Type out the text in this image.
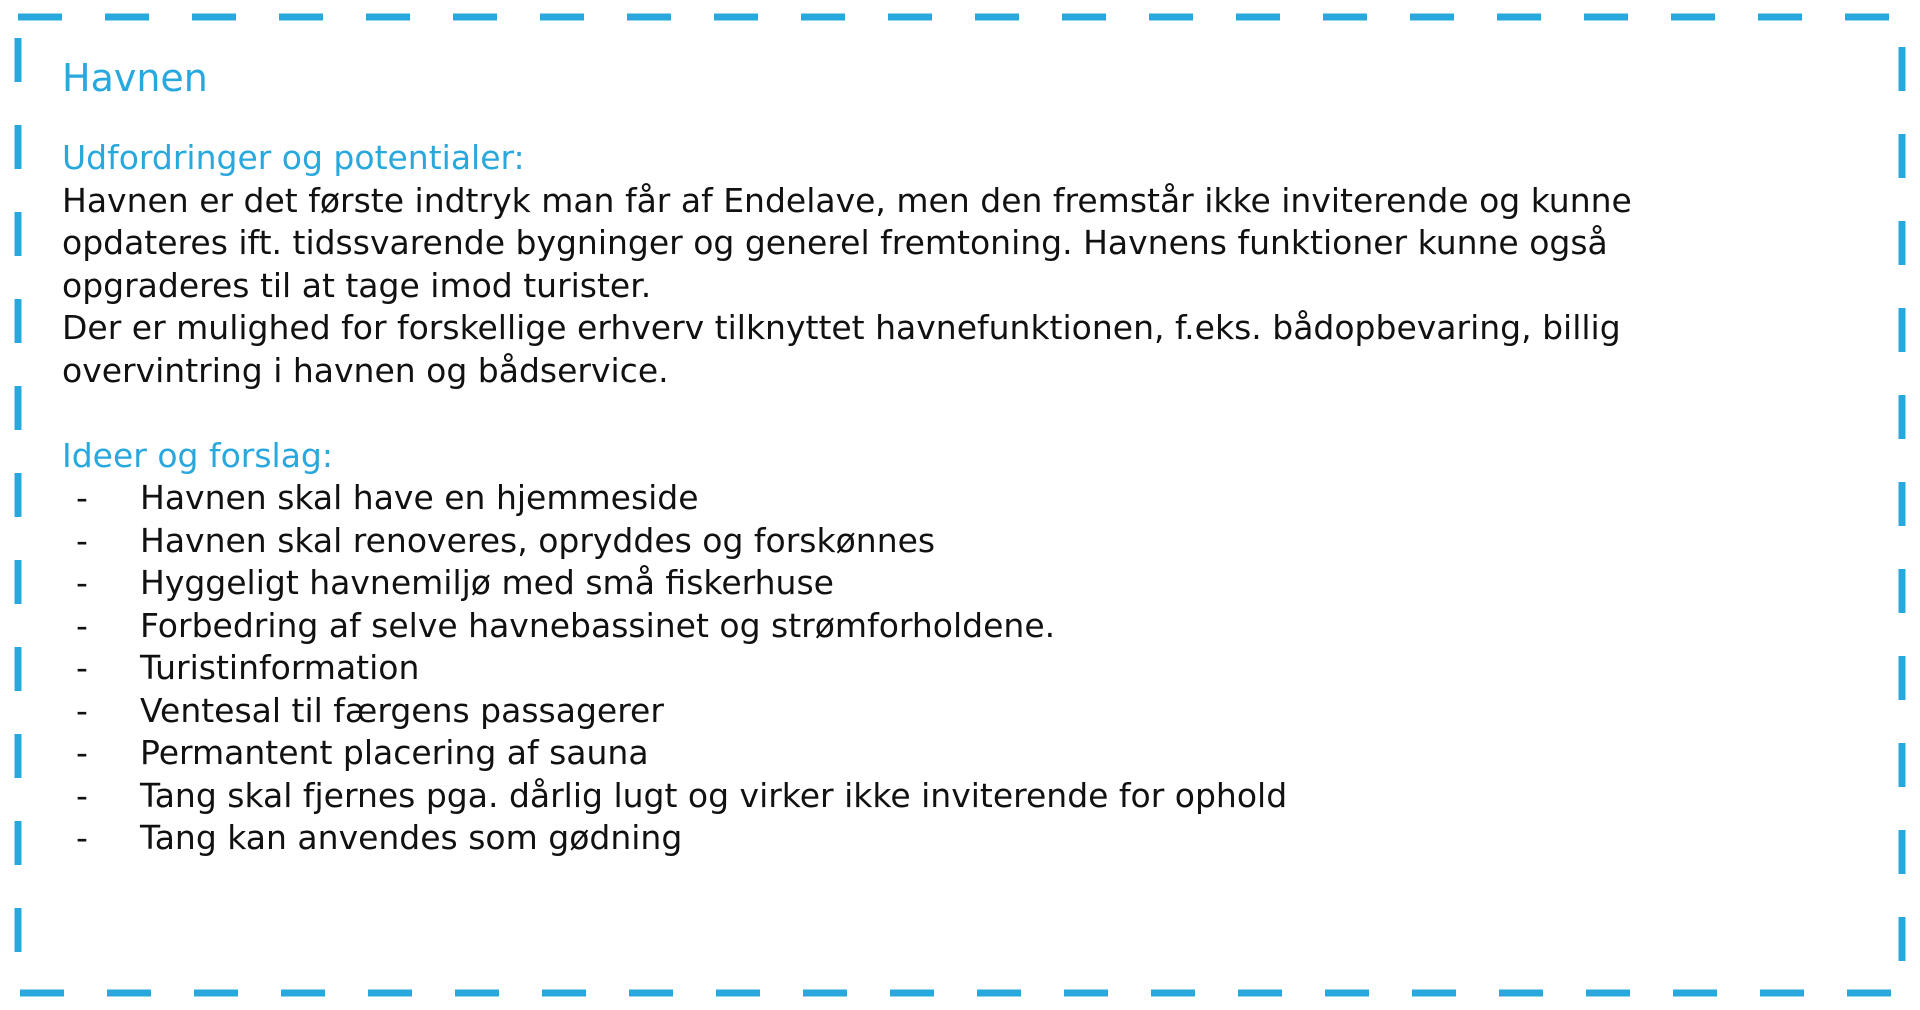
Havnen
Udfordringer og potentialer:

Havnen er det første indtryk man får af Endelave, men den fremstår ikke inviterende og kunne

opdateres ift. tidssvarende bygninger og generel fremtoning. Havnens funktioner kunne også

opgraderes til at tage imod turister.

Der er mulighed for forskellige erhverv tilknyttet havnefunktionen, f.eks. bådopbevaring, billig

overvintring i havnen og bådservice.

Ideer og forslag:
- Havnen skal have en hjemmeside
- Havnen skal renoveres, opryddes og forskønnes
- Hyggeligt havnemiljø med små fiskerhuse
- Forbedring af selve havnebassinet og strømforholdene.
- Turistinformation
- Ventesal til færgens passagerer
- Permantent placering af sauna
- Tang skal fjernes pga. dårlig lugt og virker ikke inviterende for ophold
- Tang kan anvendes som gødning
